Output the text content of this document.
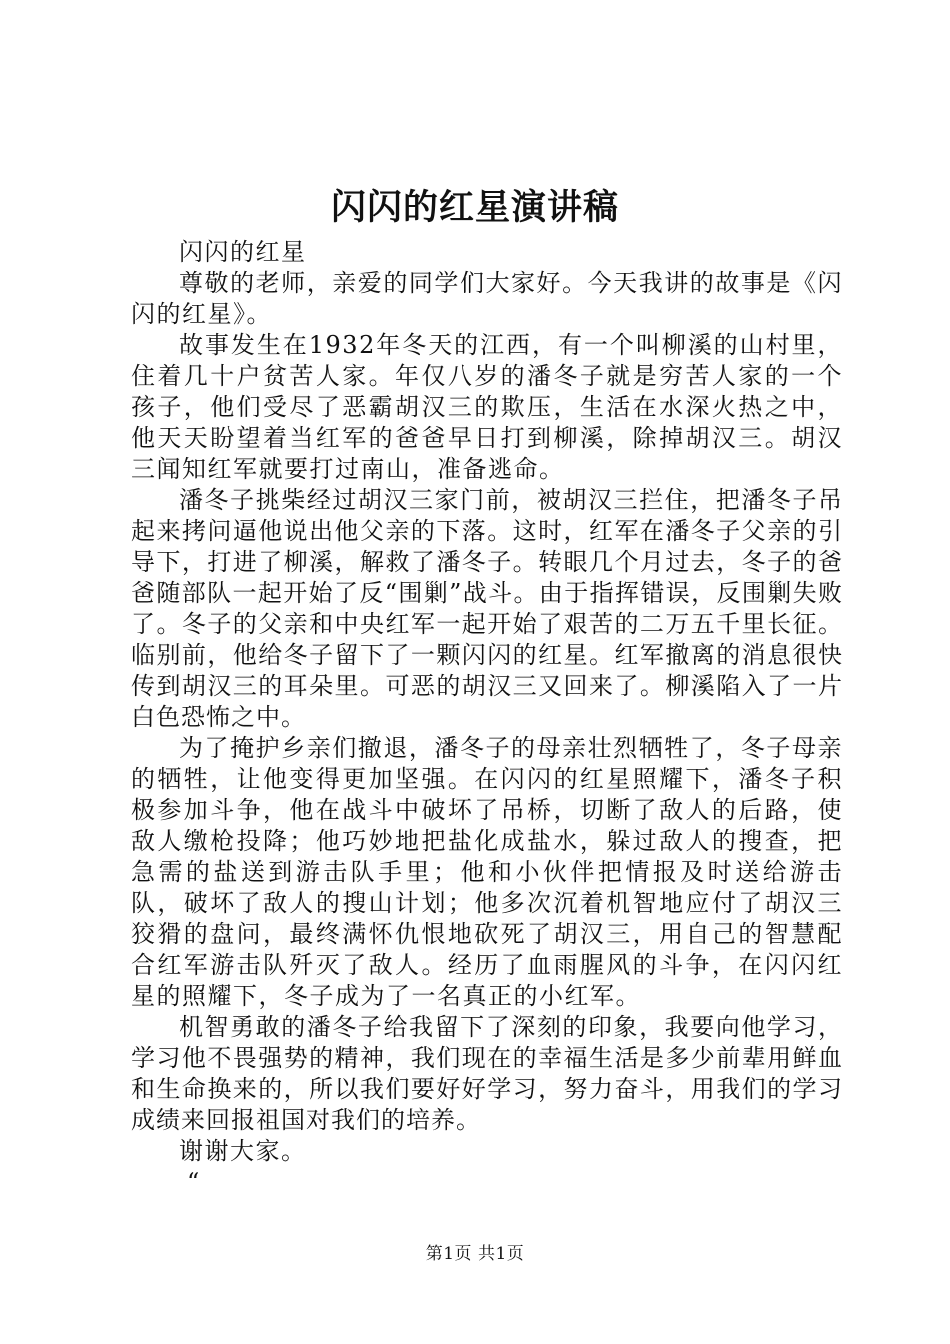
闪闪的红星演讲稿

闪闪的红星

尊敬的老师，亲爱的同学们大家好。今天我讲的故事是《闪闪的红星》。

故事发生在1932年冬天的江西，有一个叫柳溪的山村里，住着几十户贫苦人家。年仅八岁的潘冬子就是穷苦人家的一个孩子，他们受尽了恶霸胡汉三的欺压，生活在水深火热之中，他天天盼望着当红军的爸爸早日打到柳溪，除掉胡汉三。胡汉三闻知红军就要打过南山，准备逃命。

潘冬子挑柴经过胡汉三家门前，被胡汉三拦住，把潘冬子吊起来拷问逼他说出他父亲的下落。这时，红军在潘冬子父亲的引导下，打进了柳溪，解救了潘冬子。转眼几个月过去，冬子的爸爸随部队一起开始了反“围剿”战斗。由于指挥错误，反围剿失败了。冬子的父亲和中央红军一起开始了艰苦的二万五千里长征。临别前，他给冬子留下了一颗闪闪的红星。红军撤离的消息很快传到胡汉三的耳朵里。可恶的胡汉三又回来了。柳溪陷入了一片白色恐怖之中。

为了掩护乡亲们撤退，潘冬子的母亲壮烈牺牲了，冬子母亲的牺牲，让他变得更加坚强。在闪闪的红星照耀下，潘冬子积极参加斗争，他在战斗中破坏了吊桥，切断了敌人的后路，使敌人缴枪投降；他巧妙地把盐化成盐水，躲过敌人的搜查，把急需的盐送到游击队手里；他和小伙伴把情报及时送给游击队，破坏了敌人的搜山计划；他多次沉着机智地应付了胡汉三狡猾的盘问，最终满怀仇恨地砍死了胡汉三，用自己的智慧配合红军游击队歼灭了敌人。经历了血雨腥风的斗争，在闪闪红星的照耀下，冬子成为了一名真正的小红军。

机智勇敢的潘冬子给我留下了深刻的印象，我要向他学习，学习他不畏强势的精神，我们现在的幸福生活是多少前辈用鲜血和生命换来的，所以我们要好好学习，努力奋斗，用我们的学习成绩来回报祖国对我们的培养。

谢谢大家。

“

第1页 共1页
